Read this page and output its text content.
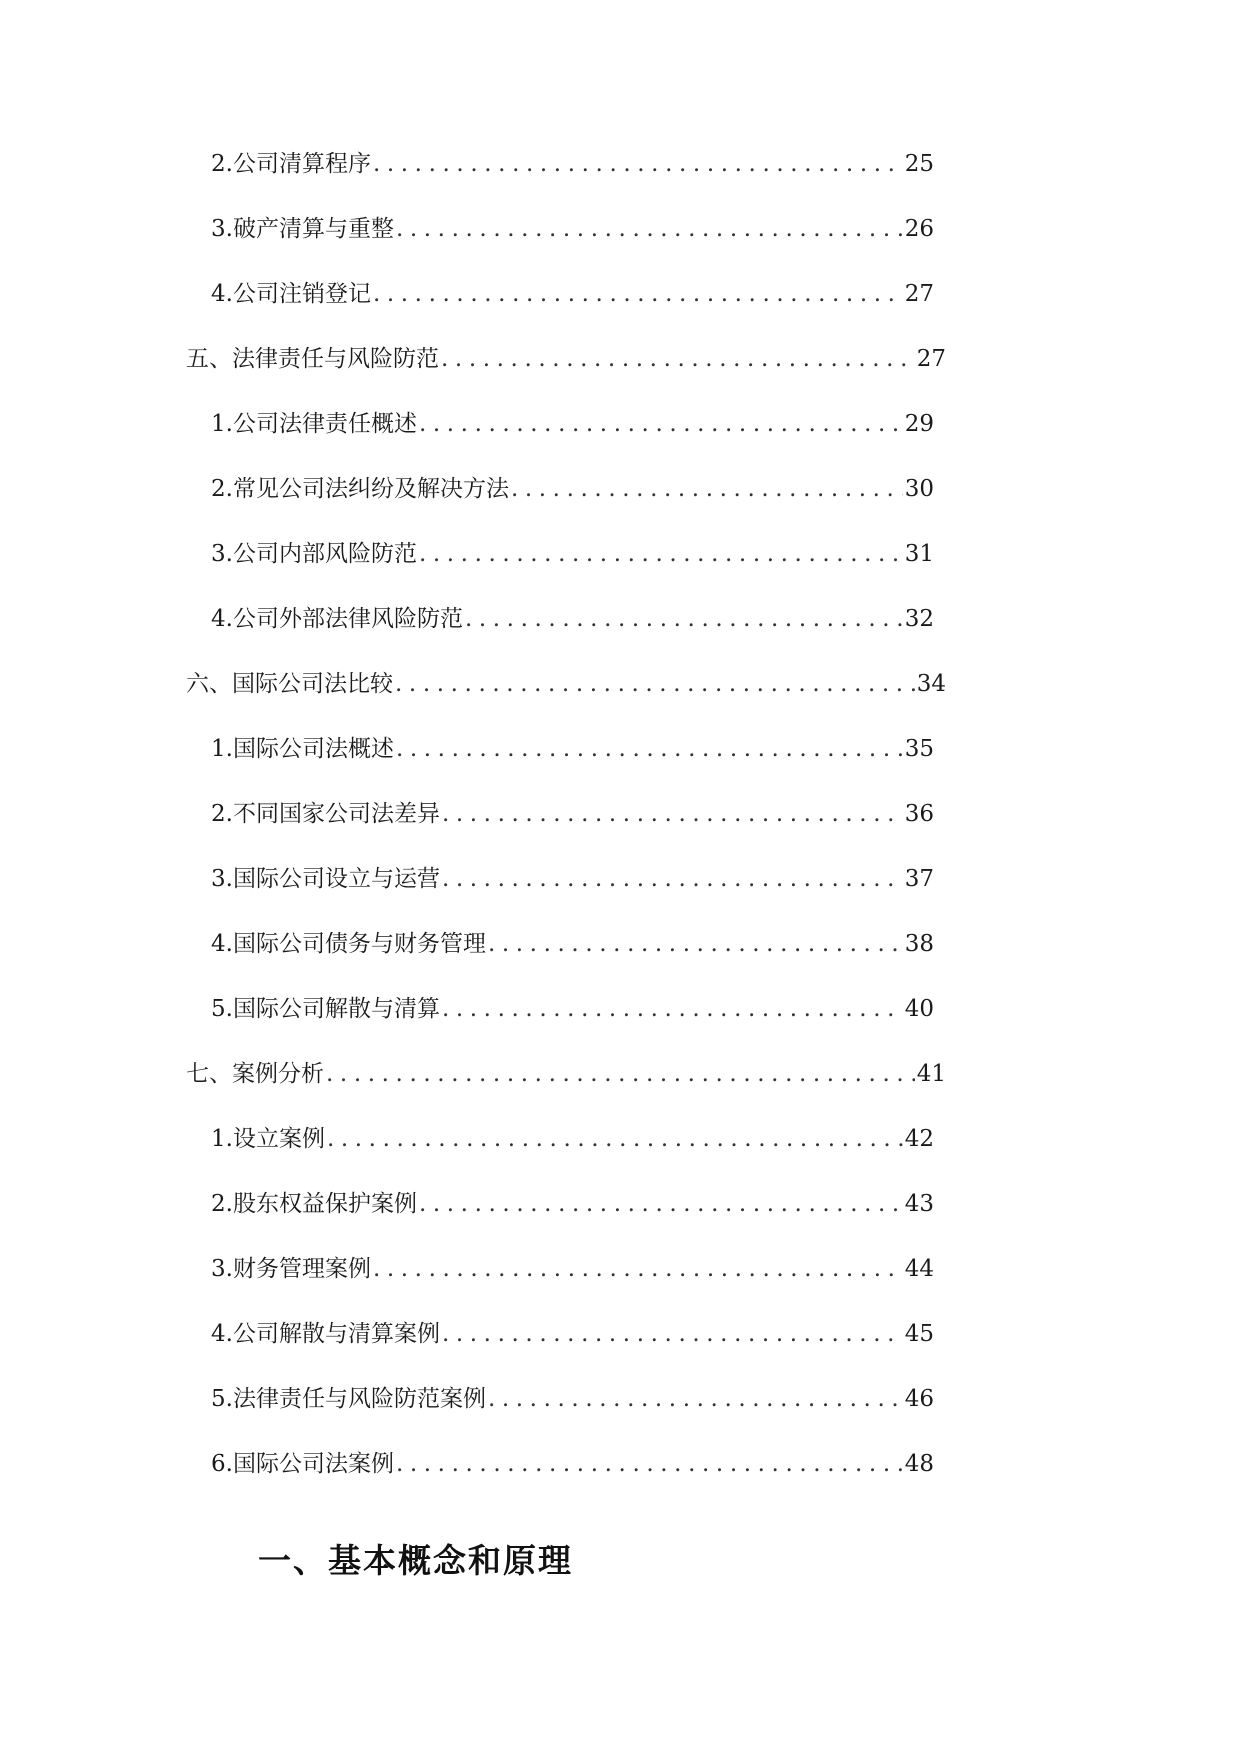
2. 公司清算程序 .....	25
3. 破产清算与重整 .....	26
4. 公司注销登记 .....	27
五、法律责任与风险防范 .....	27
1. 公司法律责任概述 .....	29
2. 常见公司法纠纷及解决方法 .....	30
3. 公司内部风险防范 .....	31
4. 公司外部法律风险防范 .....	32
六、国际公司法比较 .....	34
1. 国际公司法概述 .....	35
2. 不同国家公司法差异 .....	36
3. 国际公司设立与运营 .....	37
4. 国际公司债务与财务管理 .....	38
5. 国际公司解散与清算 .....	40
七、案例分析 .....	41
1. 设立案例 .....	42
2. 股东权益保护案例 .....	43
3. 财务管理案例 .....	44
4. 公司解散与清算案例 .....	45
5. 法律责任与风险防范案例 .....	46
6. 国际公司法案例 .....	48
一、基本概念和原理
